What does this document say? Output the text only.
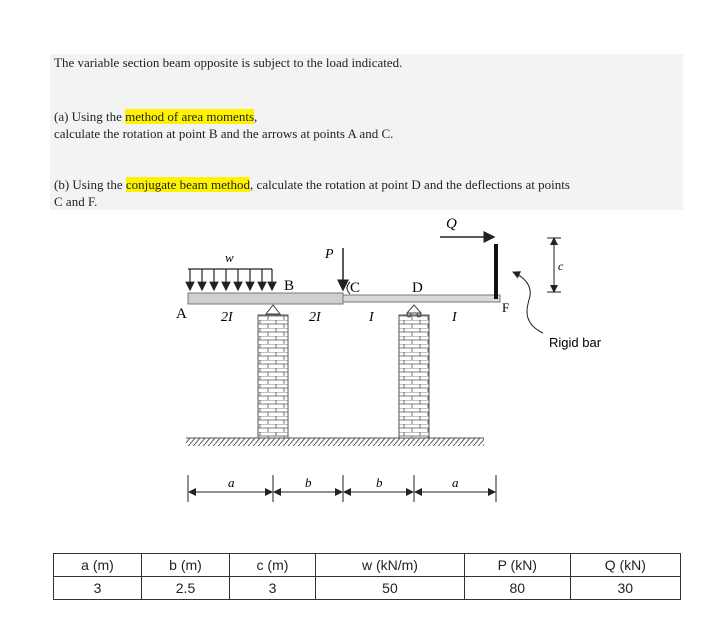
The variable section beam opposite is subject to the load indicated.
(a) Using the method of area moments,
calculate the rotation at point B and the arrows at points A and C.
(b) Using the conjugate beam method, calculate the rotation at point D and the deflections at points
C and F.
Q
w	P
B	C	D
A	F
2I	2I	I	I
c
Rigid bar
a	b	b	a
a (m)	b (m)	c (m)	w (kN/m)	P (kN)	Q (kN)
3	2.5	3	50	80	30
